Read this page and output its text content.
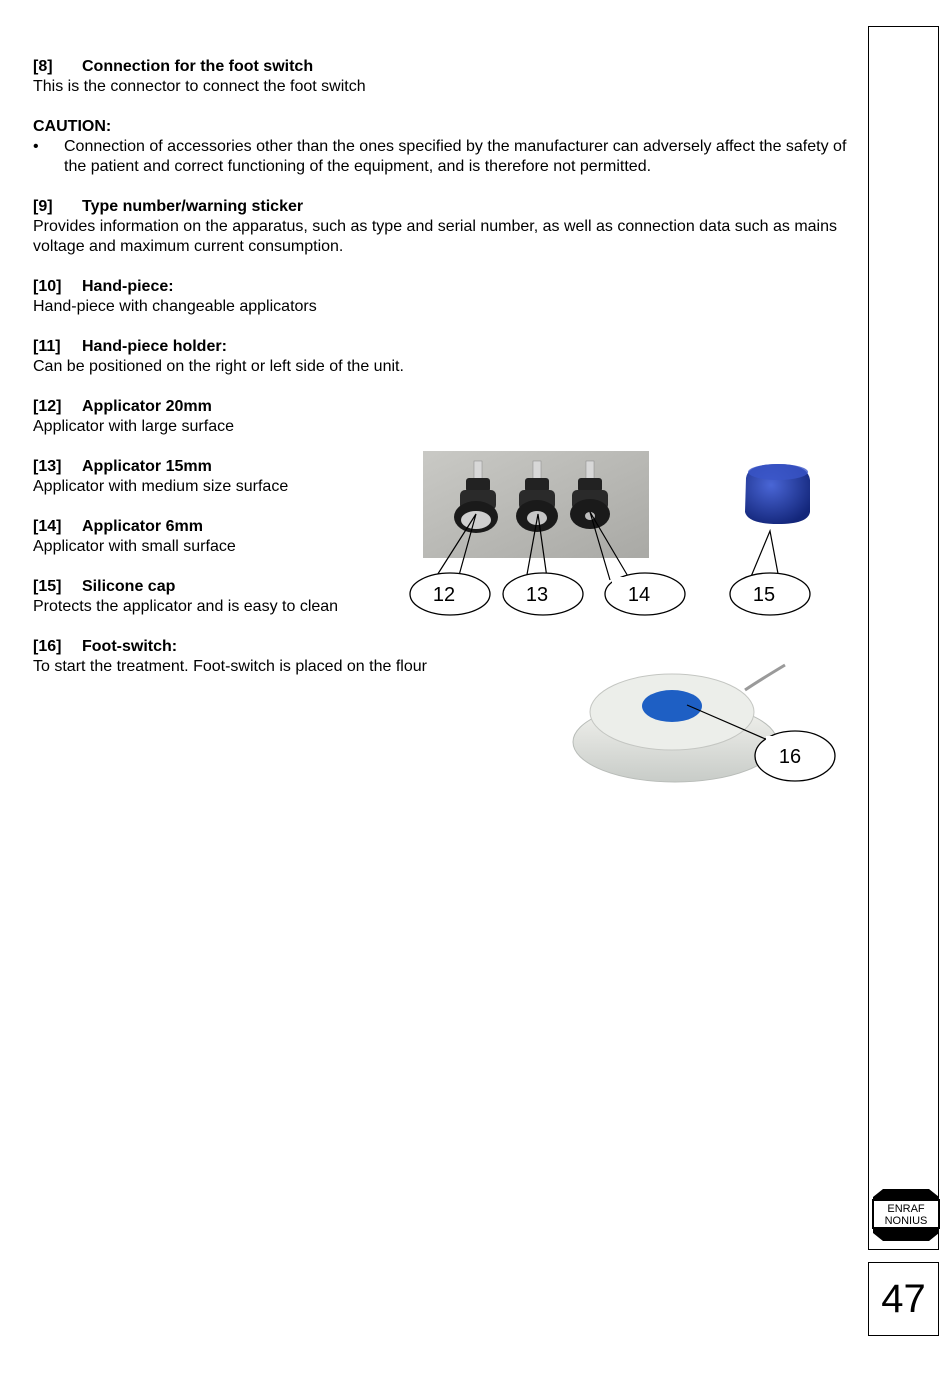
[8]	Connection for the foot switch
This is the connector to connect the foot switch
CAUTION:
•	Connection of accessories other than the ones specified by the manufacturer can adversely affect the safety of the patient and correct functioning of the equipment, and is therefore not permitted.
[9]	Type number/warning sticker
Provides information on the apparatus, such as type and serial number, as well as connection data such as mains voltage and maximum current consumption.
[10]	Hand-piece:
Hand-piece with changeable applicators
[11]	Hand-piece holder:
Can be positioned on the right or left side of the unit.
[12]	Applicator 20mm
Applicator with large surface
[13]	Applicator 15mm
Applicator with medium size surface
[14]	Applicator 6mm
Applicator with small surface
[15]	Silicone cap
Protects the applicator and is easy to clean
[16]	Foot-switch:
To start the treatment. Foot-switch is placed on the flour
12	13	14	15
16
ENRAF
NONIUS
47
